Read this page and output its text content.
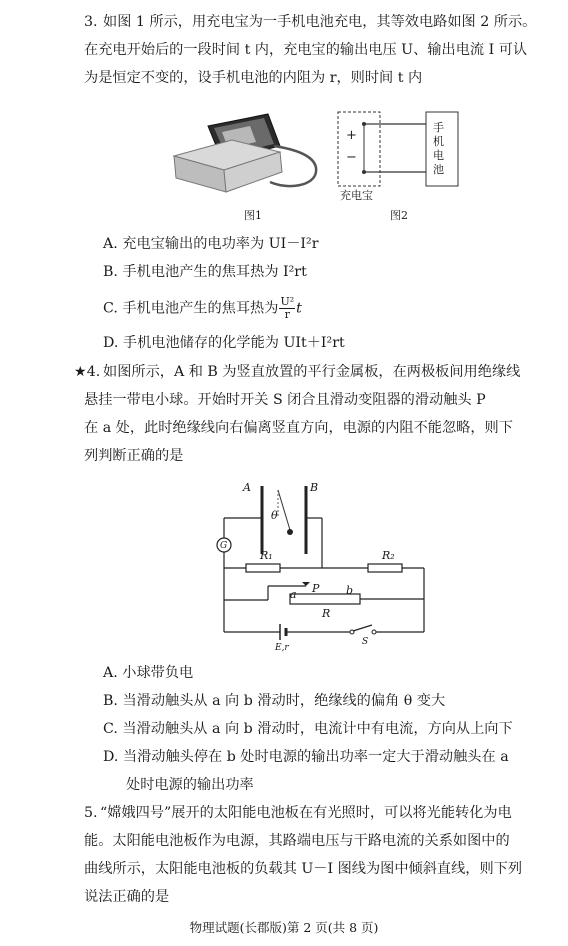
3. 如图 1 所示，用充电宝为一手机电池充电，其等效电路如图 2 所示。
在充电开始后的一段时间 t 内，充电宝的输出电压 U、输出电流 I 可认
为是恒定不变的，设手机电池的内阻为 r，则时间 t 内
图1
+
−
手
机
电
池
充电宝
图2
A. 充电宝输出的电功率为 UI－I²r
B. 手机电池产生的焦耳热为 I²rt
C. 手机电池产生的焦耳热为 $\frac{\text{U²}}{r}$ t
D. 手机电池储存的化学能为 UIt＋I²rt
★4. 如图所示，A 和 B 为竖直放置的平行金属板，在两极板间用绝缘线
悬挂一带电小球。开始时开关 S 闭合且滑动变阻器的滑动触头 P
在 a 处，此时绝缘线向右偏离竖直方向，电源的内阻不能忽略，则下
列判断正确的是
A	B
θ
G
R₁	R₂
a P b
R
E,r
S
A. 小球带负电
B. 当滑动触头从 a 向 b 滑动时，绝缘线的偏角 θ 变大
C. 当滑动触头从 a 向 b 滑动时，电流计中有电流，方向从上向下
D. 当滑动触头停在 b 处时电源的输出功率一定大于滑动触头在 a
处时电源的输出功率
5. “嫦娥四号”展开的太阳能电池板在有光照时，可以将光能转化为电
能。太阳能电池板作为电源，其路端电压与干路电流的关系如图中的
曲线所示，太阳能电池板的负载其 U－I 图线为图中倾斜直线，则下列
说法正确的是
物理试题(长郡版)第 2 页(共 8 页)
